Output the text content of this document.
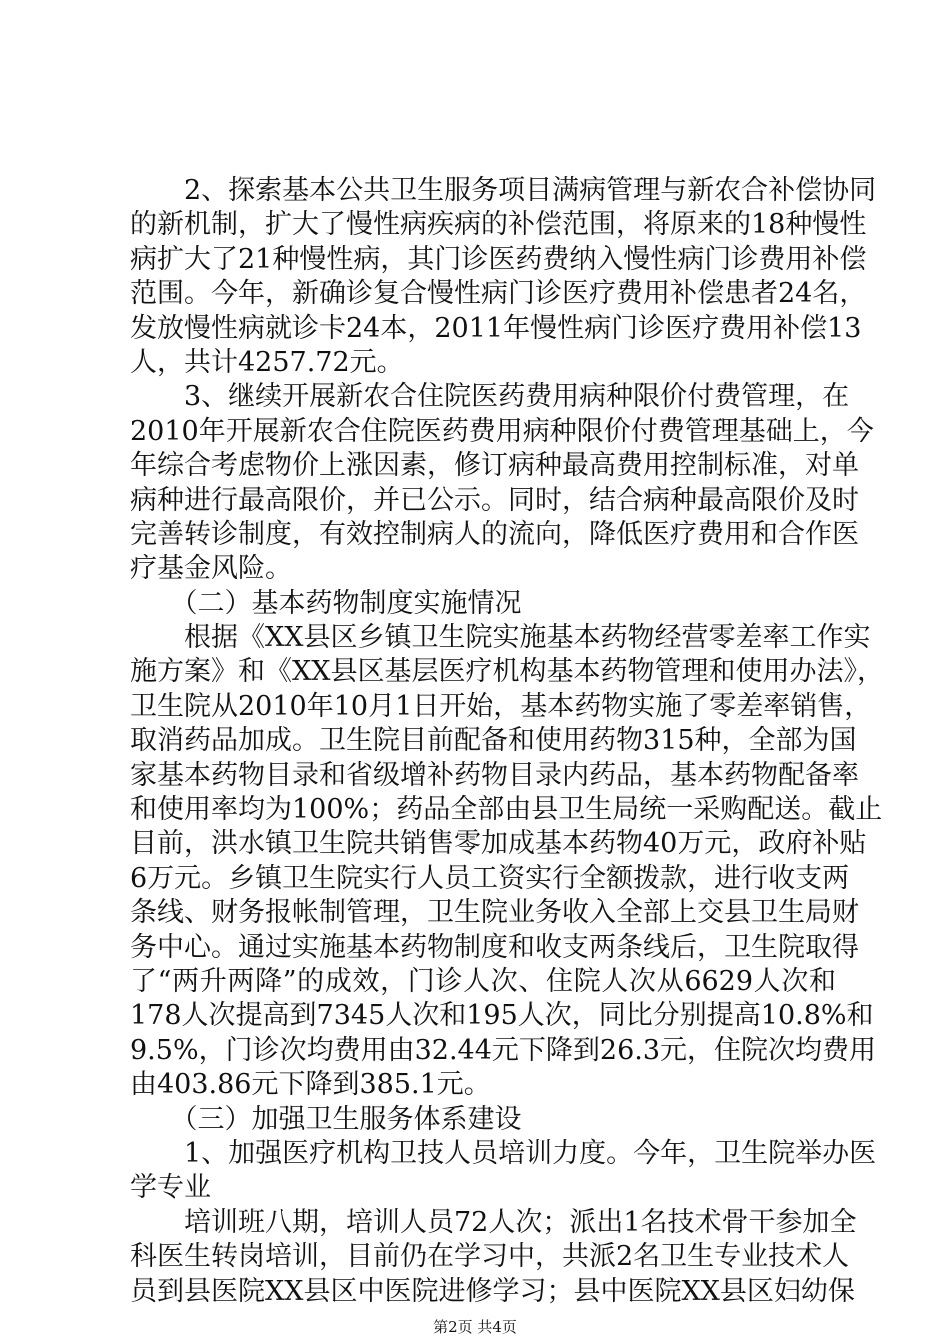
　　2、探索基本公共卫生服务项目满病管理与新农合补偿协同
的新机制，扩大了慢性病疾病的补偿范围，将原来的18种慢性
病扩大了21种慢性病，其门诊医药费纳入慢性病门诊费用补偿
范围。今年，新确诊复合慢性病门诊医疗费用补偿患者24名，
发放慢性病就诊卡24本，2011年慢性病门诊医疗费用补偿13
人，共计4257.72元。
　　3、继续开展新农合住院医药费用病种限价付费管理，在
2010年开展新农合住院医药费用病种限价付费管理基础上，今
年综合考虑物价上涨因素，修订病种最高费用控制标准，对单
病种进行最高限价，并已公示。同时，结合病种最高限价及时
完善转诊制度，有效控制病人的流向，降低医疗费用和合作医
疗基金风险。
　　（二）基本药物制度实施情况
　　根据《XX县区乡镇卫生院实施基本药物经营零差率工作实
施方案》和《XX县区基层医疗机构基本药物管理和使用办法》，
卫生院从2010年10月1日开始，基本药物实施了零差率销售，
取消药品加成。卫生院目前配备和使用药物315种，全部为国
家基本药物目录和省级增补药物目录内药品，基本药物配备率
和使用率均为100%；药品全部由县卫生局统一采购配送。截止
目前，洪水镇卫生院共销售零加成基本药物40万元，政府补贴
6万元。乡镇卫生院实行人员工资实行全额拨款，进行收支两
条线、财务报帐制管理，卫生院业务收入全部上交县卫生局财
务中心。通过实施基本药物制度和收支两条线后，卫生院取得
了“两升两降”的成效，门诊人次、住院人次从6629人次和
178人次提高到7345人次和195人次，同比分别提高10.8%和
9.5%，门诊次均费用由32.44元下降到26.3元，住院次均费用
由403.86元下降到385.1元。
　　（三）加强卫生服务体系建设
　　1、加强医疗机构卫技人员培训力度。今年，卫生院举办医
学专业
　　培训班八期，培训人员72人次；派出1名技术骨干参加全
科医生转岗培训，目前仍在学习中，共派2名卫生专业技术人
员到县医院XX县区中医院进修学习；县中医院XX县区妇幼保
第2页 共4页
